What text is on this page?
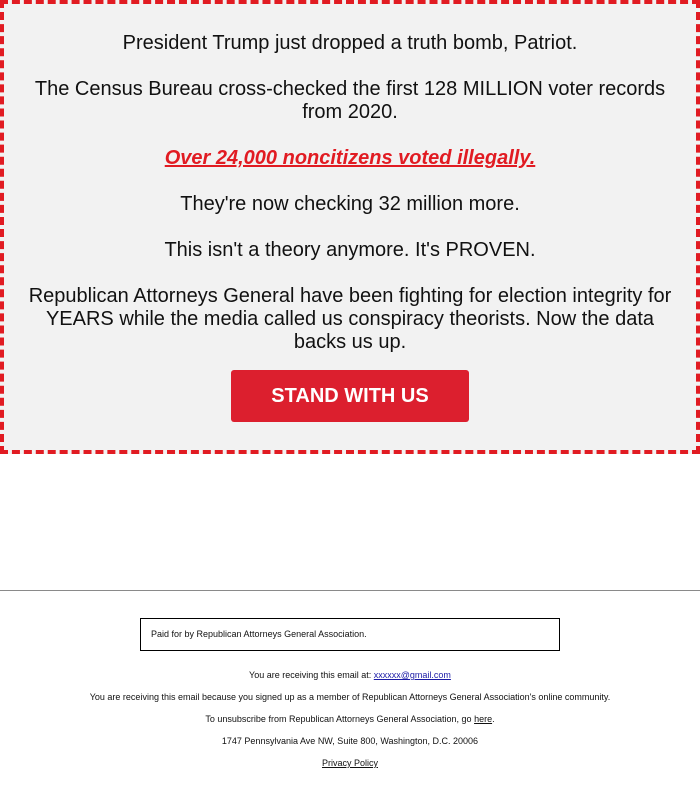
President Trump just dropped a truth bomb, Patriot.

The Census Bureau cross-checked the first 128 MILLION voter records from 2020.

Over 24,000 noncitizens voted illegally.

They're now checking 32 million more.

This isn't a theory anymore. It's PROVEN.

Republican Attorneys General have been fighting for election integrity for YEARS while the media called us conspiracy theorists. Now the data backs us up.

STAND WITH US
Paid for by Republican Attorneys General Association.
You are receiving this email at: xxxxxx@gmail.com
You are receiving this email because you signed up as a member of Republican Attorneys General Association's online community.
To unsubscribe from Republican Attorneys General Association, go here.
1747 Pennsylvania Ave NW, Suite 800, Washington, D.C. 20006
Privacy Policy
